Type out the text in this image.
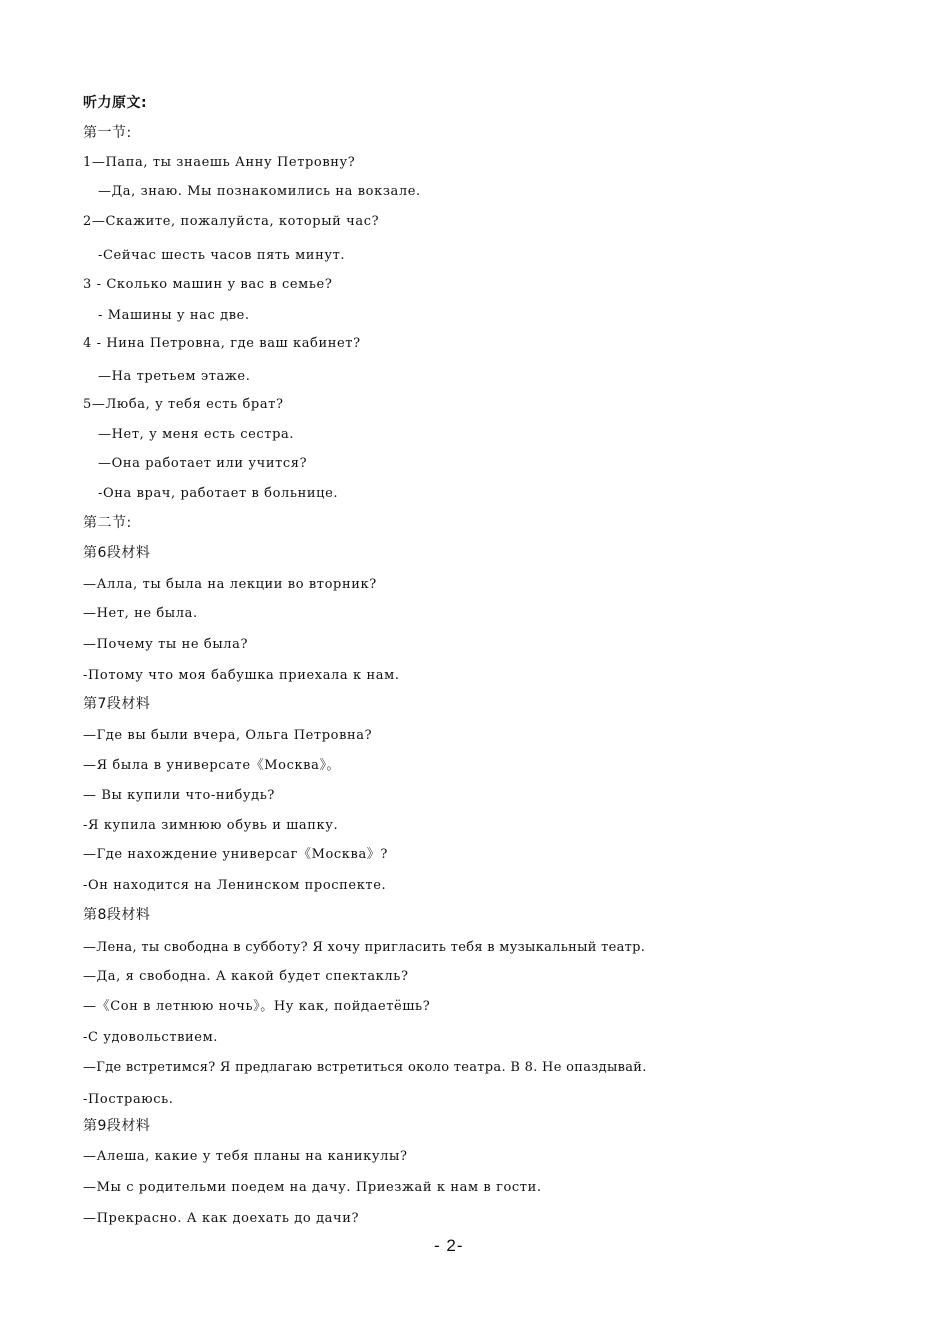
听力原文:
第一节:
1—Папа, ты знаешь Анну Петровну?
—Да, знаю. Мы познакомились на вокзале.
2—Скажите, пожалуйста, который час?
-Сейчас шесть часов пять минут.
3 - Сколько машин у вас в семье?
- Машины у нас две.
4 - Нина Петровна, где ваш кабинет?
—На третьем этаже.
5—Люба, у тебя есть брат?
—Нет, у меня есть сестра.
—Она работает или учится?
-Она врач, работает в больнице.
第二节:
第6段材料
—Алла, ты была на лекции во вторник?
—Нет, не была.
—Почему ты не была?
-Потому что моя бабушка приехала к нам.
第7段材料
—Где вы были вчера, Ольга Петровна?
—Я была в универсате《Москва》。
— Вы купили что-нибудь?
-Я купила зимнюю обувь и шапку.
—Где нахождение универсаг《Москва》?
-Он находится на Ленинском проспекте.
第8段材料
—Лена, ты свободна в субботу? Я хочу пригласить тебя в музыкальный театр.
—Да, я свободна. А какой будет спектакль?
—《Сон в летнюю ночь》。Ну как, пойдаетёшь?
-С удовольствием.
—Где встретимся? Я предлагаю встретиться около театра. В 8. Не опаздывай.
-Постраюсь.
第9段材料
—Алеша, какие у тебя планы на каникулы?
—Мы с родительми поедем на дачу. Приезжай к нам в гости.
—Прекрасно. А как доехать до дачи?
- 2-
